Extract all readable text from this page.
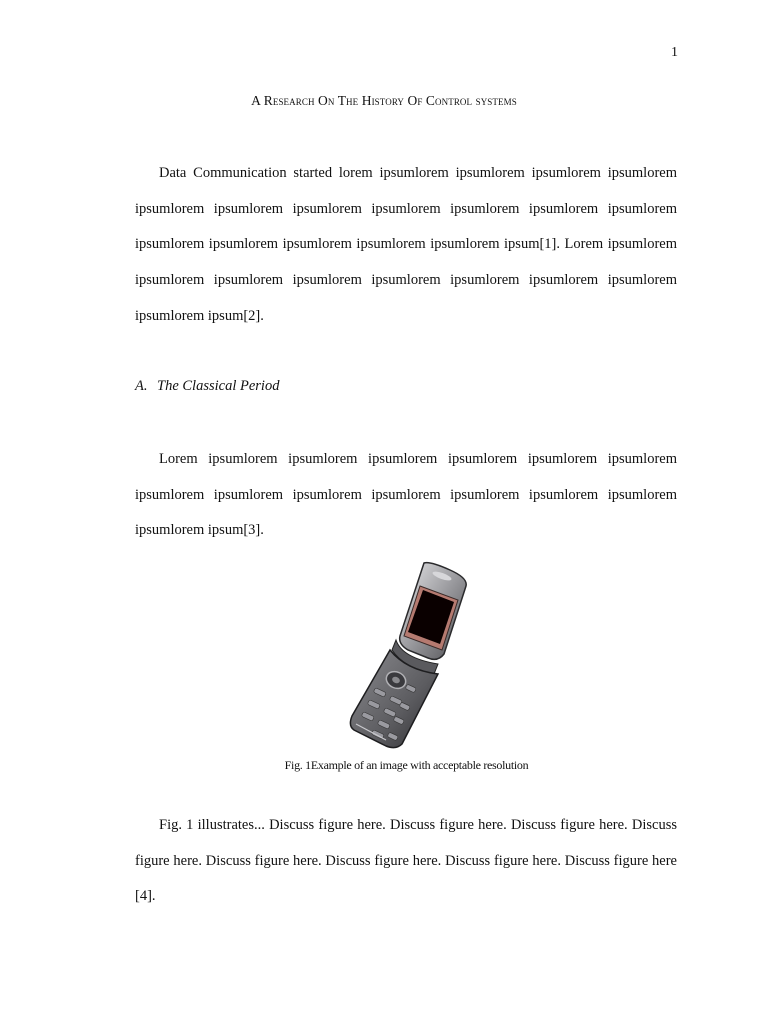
1
A Research On The History Of Control systems

Data Communication started lorem ipsumlorem ipsumlorem ipsumlorem ipsumlorem ipsumlorem ipsumlorem ipsumlorem ipsumlorem ipsumlorem ipsumlorem ipsumlorem ipsumlorem ipsumlorem ipsumlorem ipsumlorem ipsumlorem ipsum[1]. Lorem ipsumlorem ipsumlorem ipsumlorem ipsumlorem ipsumlorem ipsumlorem ipsumlorem ipsumlorem ipsumlorem ipsum[2].

A. The Classical Period

Lorem ipsumlorem ipsumlorem ipsumlorem ipsumlorem ipsumlorem ipsumlorem ipsumlorem ipsumlorem ipsumlorem ipsumlorem ipsumlorem ipsumlorem ipsumlorem ipsumlorem ipsum[3].

Fig. 1Example of an image with acceptable resolution

Fig. 1 illustrates... Discuss figure here. Discuss figure here. Discuss figure here. Discuss figure here. Discuss figure here. Discuss figure here. Discuss figure here. Discuss figure here [4].
